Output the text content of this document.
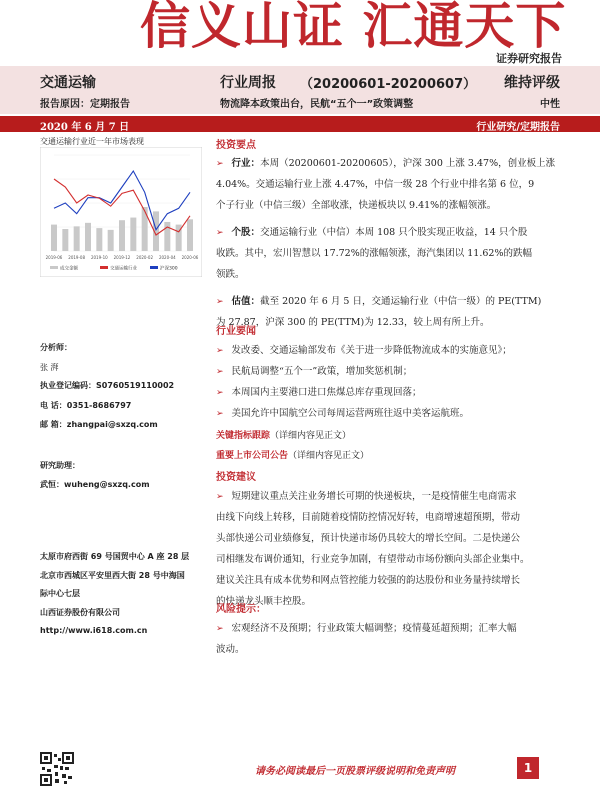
信义山证 汇通天下
证券研究报告
交通运输
报告原因：定期报告
行业周报 （20200601-20200607）
物流降本政策出台，民航“五个一”政策调整
维持评级
中性
2020 年 6 月 7 日	行业研究/定期报告
交通运输行业近一年市场表现
2019-06 2019-08 2019-10 2019-12 2020-02 2020-04 2020-06
成交金额	交通运输行业	沪深300
分析师：
张 湃
执业登记编码：S0760519110002
电 话：0351-8686797
邮 箱：zhangpai@sxzq.com
研究助理：
武恒：wuheng@sxzq.com
太原市府西街 69 号国贸中心 A 座 28 层
北京市西城区平安里西大街 28 号中海国
际中心七层
山西证券股份有限公司
http://www.i618.com.cn
投资要点
➢ 行业：本周（20200601-20200605），沪深 300 上涨 3.47%，创业板上涨
4.04%。交通运输行业上涨 4.47%，中信一级 28 个行业中排名第 6 位，9
个子行业（中信三级）全部收涨，快递板块以 9.41%的涨幅领涨。
➢ 个股：交通运输行业（中信）本周 108 只个股实现正收益，14 只个股
收跌。其中，宏川智慧以 17.72%的涨幅领涨，海汽集团以 11.62%的跌幅
领跌。
➢ 估值：截至 2020 年 6 月 5 日，交通运输行业（中信一级）的 PE(TTM)
为 27.87，沪深 300 的 PE(TTM)为 12.33，较上周有所上升。
行业要闻
➢ 发改委、交通运输部发布《关于进一步降低物流成本的实施意见》；
➢ 民航局调整“五个一”政策，增加奖惩机制；
➢ 本周国内主要港口进口焦煤总库存重现回落；
➢ 美国允许中国航空公司每周运营两班往返中美客运航班。
关键指标跟踪（详细内容见正文）
重要上市公司公告（详细内容见正文）
投资建议
➢ 短期建议重点关注业务增长可期的快递板块，一是疫情催生电商需求
由线下向线上转移，目前随着疫情防控情况好转，电商增速超预期，带动
头部快递公司业绩修复，预计快递市场仍具较大的增长空间。二是快递公
司相继发布调价通知，行业竞争加剧，有望带动市场份额向头部企业集中。
建议关注具有成本优势和网点管控能力较强的韵达股份和业务量持续增长
的快递龙头顺丰控股。
风险提示：
➢ 宏观经济不及预期；行业政策大幅调整；疫情蔓延超预期；汇率大幅
波动。
请务必阅读最后一页股票评级说明和免责声明	1
